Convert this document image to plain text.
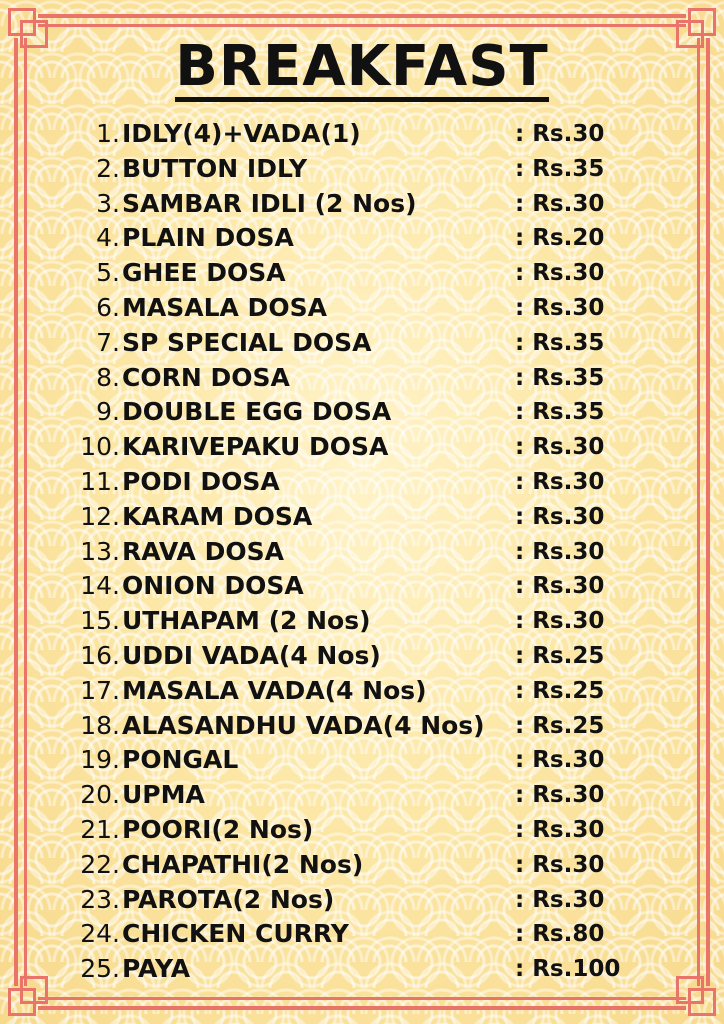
BREAKFAST
1. IDLY(4)+VADA(1)	: Rs.30
2. BUTTON IDLY	: Rs.35
3. SAMBAR IDLI (2 Nos)	: Rs.30
4. PLAIN DOSA	: Rs.20
5. GHEE DOSA	: Rs.30
6. MASALA DOSA	: Rs.30
7. SP SPECIAL DOSA	: Rs.35
8. CORN DOSA	: Rs.35
9. DOUBLE EGG DOSA	: Rs.35
10. KARIVEPAKU DOSA	: Rs.30
11. PODI DOSA	: Rs.30
12. KARAM DOSA	: Rs.30
13. RAVA DOSA	: Rs.30
14. ONION DOSA	: Rs.30
15. UTHAPAM (2 Nos)	: Rs.30
16. UDDI VADA(4 Nos)	: Rs.25
17. MASALA VADA(4 Nos)	: Rs.25
18. ALASANDHU VADA(4 Nos) : Rs.25
19. PONGAL	: Rs.30
20. UPMA	: Rs.30
21. POORI(2 Nos)	: Rs.30
22. CHAPATHI(2 Nos)	: Rs.30
23. PAROTA(2 Nos)	: Rs.30
24. CHICKEN CURRY	: Rs.80
25. PAYA	: Rs.100
